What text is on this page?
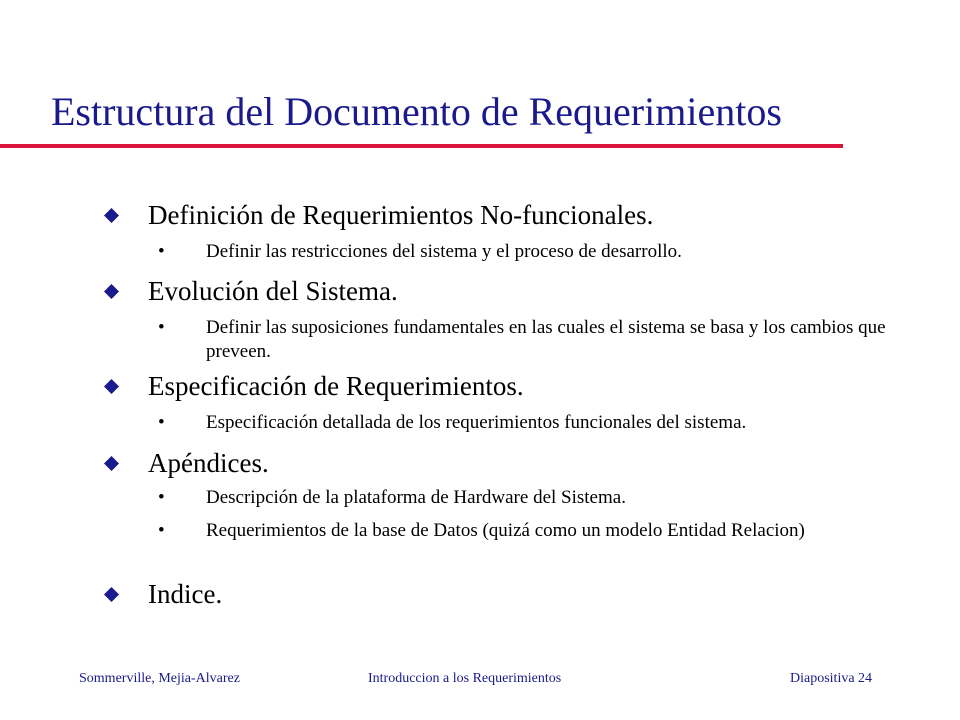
Estructura del Documento de Requerimientos
Definición de Requerimientos No-funcionales.
• Definir las restricciones del sistema y el proceso de desarrollo.
Evolución del Sistema.
• Definir las suposiciones fundamentales en las cuales el sistema se basa y los cambios que preveen.
Especificación de Requerimientos.
• Especificación detallada de los requerimientos funcionales del sistema.
Apéndices.
• Descripción de la plataforma de Hardware del Sistema.
• Requerimientos de la base de Datos (quizá como un modelo Entidad Relacion)
Indice.
Sommerville, Mejia-Alvarez	Introduccion a los Requerimientos	Diapositiva 24
